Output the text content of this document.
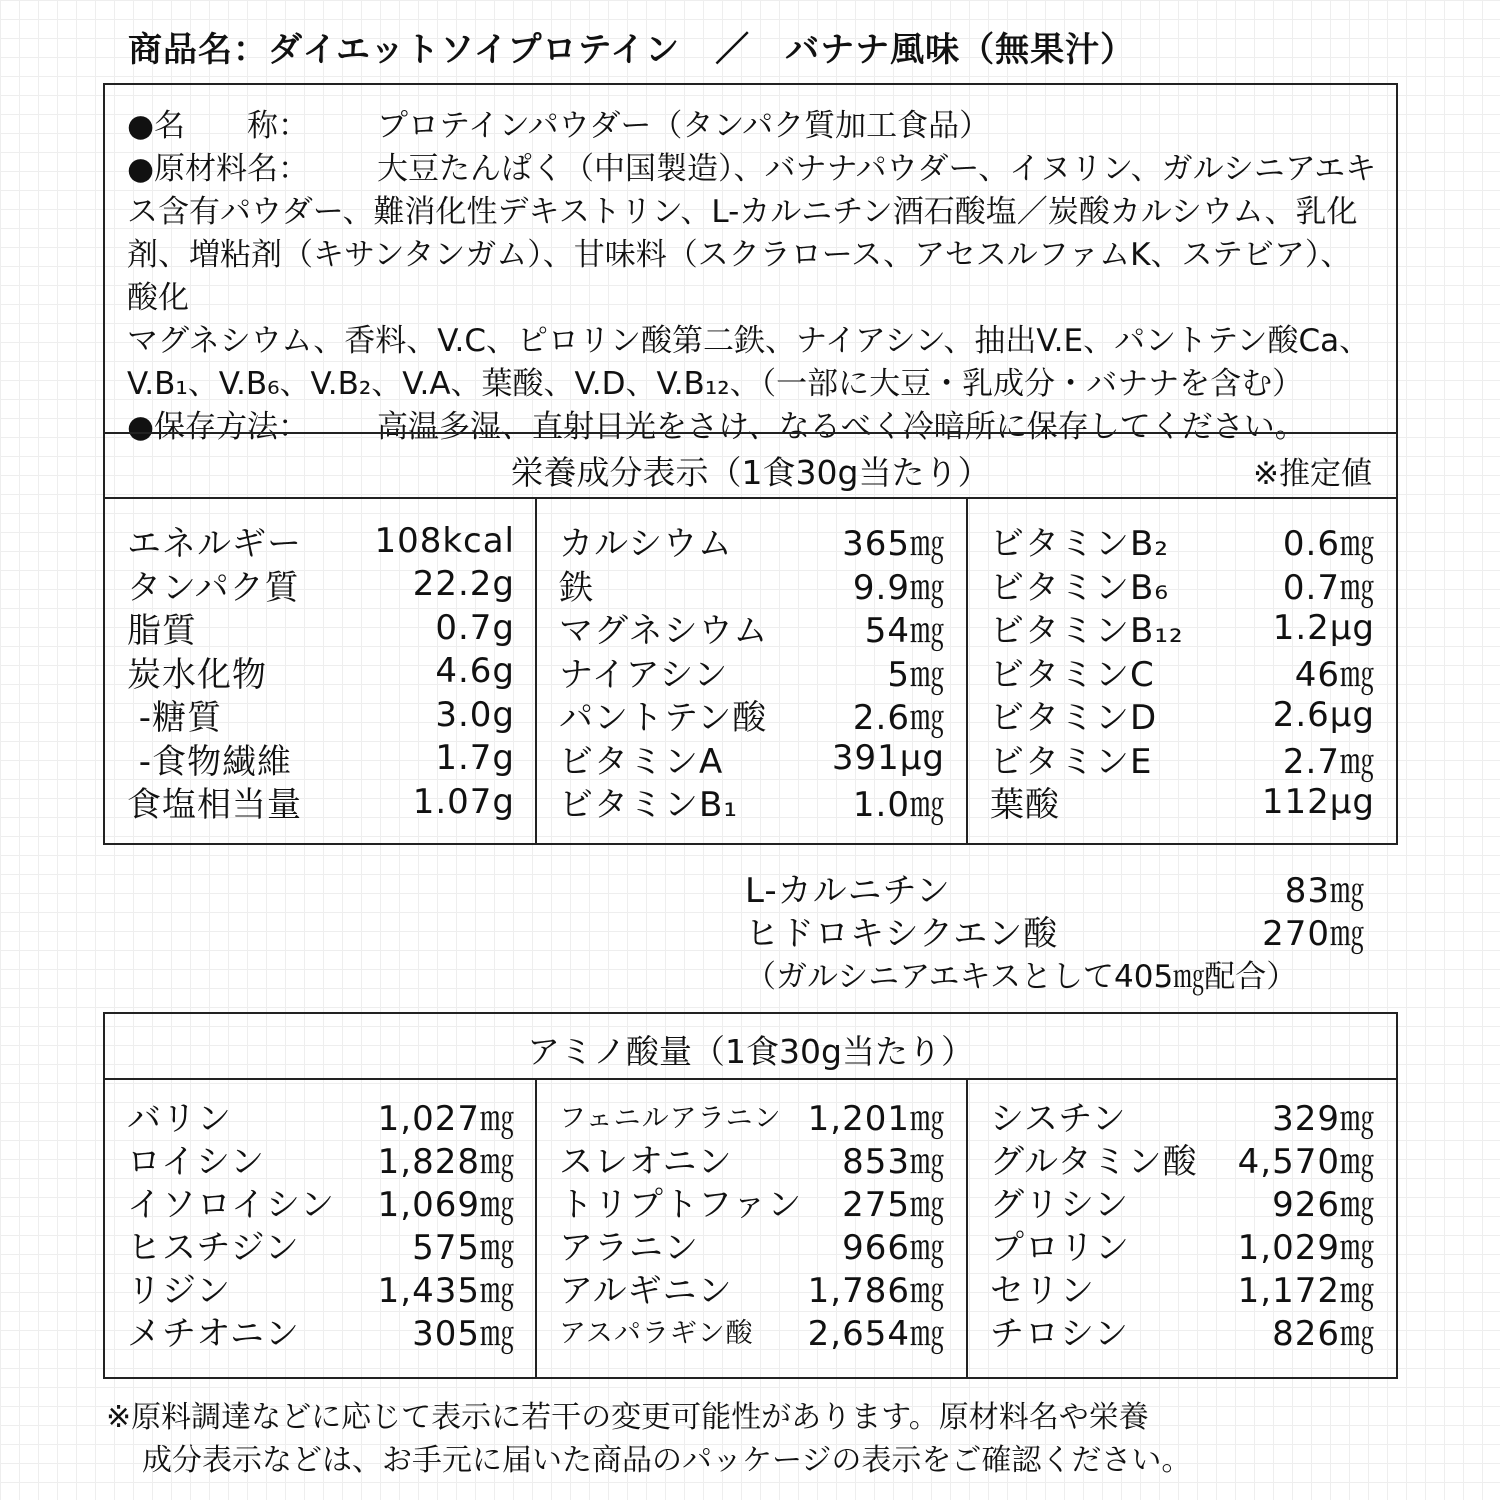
商品名：ダイエットソイプロテイン　／　バナナ風味（無果汁）
●名　　称：	プロテインパウダー（タンパク質加工食品）
●原材料名：	大豆たんぱく（中国製造）、バナナパウダー、イヌリン、ガルシニアエキ
ス含有パウダー、難消化性デキストリン、L-カルニチン酒石酸塩／炭酸カルシウム、乳化
剤、増粘剤（キサンタンガム）、甘味料（スクラロース、アセスルファムK、ステビア）、酸化
マグネシウム、香料、V.C、ピロリン酸第二鉄、ナイアシン、抽出V.E、パントテン酸Ca、
V.B₁、V.B₆、V.B₂、V.A、葉酸、V.D、V.B₁₂、（一部に大豆・乳成分・バナナを含む）
●保存方法：	高温多湿、直射日光をさけ、なるべく冷暗所に保存してください。
栄養成分表示（1食30g当たり）	※推定値
エネルギー 108kcal
タンパク質	22.2g
脂質	0.7g
炭水化物	4.6g
-糖質	3.0g
-食物繊維	1.7g
食塩相当量	1.07g
カルシウム	365㎎
鉄	9.9㎎
マグネシウム	54㎎
ナイアシン	5㎎
パントテン酸	2.6㎎
ビタミンA	391μg
ビタミンB₁	1.0㎎
ビタミンB₂	0.6㎎
ビタミンB₆	0.7㎎
ビタミンB₁₂	1.2μg
ビタミンC	46㎎
ビタミンD	2.6μg
ビタミンE	2.7㎎
葉酸	112μg
L-カルニチン	83㎎
ヒドロキシクエン酸	270㎎
（ガルシニアエキスとして405㎎配合）
アミノ酸量（1食30g当たり）
バリン	1,027㎎
ロイシン	1,828㎎
イソロイシン 1,069㎎
ヒスチジン	575㎎
リジン	1,435㎎
メチオニン	305㎎
フェニルアラニン 1,201㎎
スレオニン	853㎎
トリプトファン 275㎎
アラニン	966㎎
アルギニン 1,786㎎
アスパラギン酸 2,654㎎
シスチン	329㎎
グルタミン酸 4,570㎎
グリシン	926㎎
プロリン	1,029㎎
セリン	1,172㎎
チロシン	826㎎
※原料調達などに応じて表示に若干の変更可能性があります。原材料名や栄養
成分表示などは、お手元に届いた商品のパッケージの表示をご確認ください。
